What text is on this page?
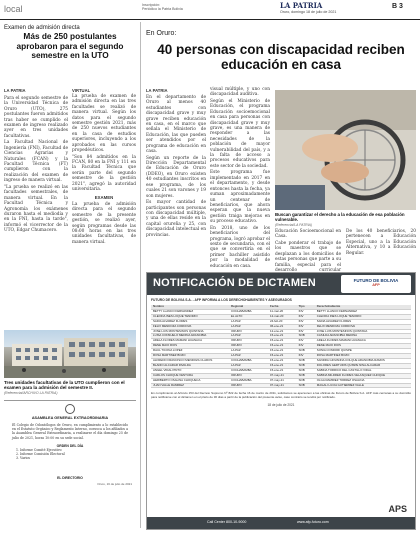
local	Inscripción:
Periódico la Patria Bolivia	LA PATRIA
Oruro, domingo 18 de julio de 2021
B 3
Examen de admisión directa
Más de 250 postulantes aprobaron para el segundo semestre en la UTO
LA PATRIA	VIRTUAL

Para el segundo semestre de la Universidad Técnica de Oruro (UTO), 275 postulantes fueron admitidos tras haber se cumplido el examen de ingreso realizado ayer en tres unidades facultativas.

La Facultad Nacional de Ingeniería (FNI), Facultad de Ciencias Agrarias y Naturales (FCAN) y la Facultad Técnica (FT) cumplieron con la realización del examen de ingreso de manera virtual.

"La prueba se realizó en las facultades semestrales, de manera virtual. En la Facultad Técnica y Agronomía los exámenes duraron hasta el mediodía y en la FNI, hasta la tarde", informó el vicerrector de la UTO, Edgar Chumacero.

La prueba de examen de admisión directa en las tres facultades se realizó de manera virtual. Según los datos para el segundo semestre gestión 2021, más de 250 nuevos estudiantes en la casa de estudios superiores, incluyendo a los aprobados en las cursos propedéuticos.

"Son 84 admitidos en la FCAN, 80 en la FNI y 111 en la Facultad Técnica que serán parte del segundo semestre de la gestión 2021", agregó la autoridad universitaria.

EXAMEN

La prueba de admisión directa para el segundo semestre de la presente gestión, se realizó ayer, según programas desde las 08:00 horas en las tres unidades facultativas, de manera virtual.

Tres unidades facultativas de la UTO cumplieron con el examen para la admisión del semestre II.
(Referencial/ARCHIVO LA PATRIA)
ASAMBLEA GENERAL EXTRAORDINARIA
El Colegio de Odontólogos de Oruro, en cumplimiento a lo establecido en el Estatuto Orgánico y Reglamento Interno, convoca a los afiliados a la Asamblea General Extraordinaria, a realizarse el día domingo 25 de julio de 2021, horas 10:00 en su sede social.
ORDEN DEL DÍA
1. Informe Comité Ejecutivo
2. Informe Comisión Electoral
3. Varios
EL DIRECTORIO
Oruro, 16 de julio de 2021
En Oruro:
40 personas con discapacidad reciben educación en casa
LA PATRIA

En el departamento de Oruro al menos 40 estudiantes con discapacidad grave y muy grave reciben educación en casa, en el marco que señala el Ministerio de Educación, las que pueden ser atendidos por el programa de educación en casa.

Según un reporte de la Dirección Departamental de Educación de Oruro (DDEO), en Oruro existen 40 estudiantes inscritos en ese programa, de los cuales 21 son varones y 19 son mujeres.

Es mayor cantidad de participantes son personas con discapacidad múltiple, y una de ellas reside en la capital orureña y 25, con discapacidad intelectual en provincias.

visual múltiple, y uno con discapacidad auditiva.

Según el Ministerio de Educación, el programa Educación socioemocional en casa para personas con discapacidad grave y muy grave, es una manera de responder a las necesidades de la población de mayor vulnerabilidad del país, y a la falta de acceso a procesos educativos para este sector de la sociedad.

Este programa fue implementado en 2017 en el departamento, y desde entonces hasta la fecha, ya suman aproximadamente un centenar de beneficiarios, que ahora esperan que la nueva gestión traiga mejoras en su proceso educativo.

En 2018, uno de los beneficiarios del programa, logró aprobar el sexto de secundaria, con el que se convertiría en el primer bachiller asistido por la modalidad de educación en casa.

Buscan garantizar el derecho a la educación de esa población vulnerable.
(Referencial/LA PATRIA)

Educación Socioemocional en Casa.

Cabe ponderar el trabajo de los maestros que se desplazan a los domicilios de estas personas que parte a su familia, especial para el desarrollo curricular

De los 40 beneficiarios, 20 pertenecen a Educación Especial, uno a la Educación Alternativa, y 10 a Educación Regular.

NOTIFICACIÓN DE DICTAMEN	FUTURO DE BOLIVIA
AFP
FUTURO DE BOLIVIA S.A. - AFP INFORMA A LOS DERECHOHABIENTES Y ASEGURADOS
Nombre	Regional	Fecha	Tipo	Derechohabiente
BETTY LLANCO FERNANDEZ	COCHABAMBA	11-mar-20	INV	BETTY LLANCO FERNANDEZ
CLEOFIA INES LOQUE TENORIO	EL ALTO	12-mar-20	INV	CLEOFIA INES LOQUE TENORIO
SADIA ALVAREZ FLORES	LA PAZ	24-feb-20	INV	SADIA ALVAREZ FLORES
FELIX MENDOZA CORDOVA	LA PAZ	06-ene-21	INV	FELIX MENDOZA CORDOVA
JOSE LUIS MONTESINOS QUINTANA	ORURO	12-ene-21	INV	JOSE LUIS MONTESINOS QUINTANA
LUISA CONSUELO MEDINA ARANCIBIA	LA PAZ	15-ene-21	SOB	CASILDA ARANCIBIA MEDINA
ADELA FLORES MAMANI HUANACA	ORURO	15-ene-21	INV	ADELA FLORES MAMANI HUANACA
RENE MAIO RIOS	ORURO	15-ene-21	INV	RENE MAIO RIOS
RAUL TICONA LOPEZ	LA PAZ	15-ene-21	SOB	SONIA CONDORI QUISPE
ROSA MARTINEZ BOZO	LA PAZ	15-ene-21	INV	ROSA MARTINEZ BOZO
ALFREDO FRANCISCO MENDOZA CLAROS	COCHABAMBA	15-ene-21	SOB	SANDRA GIOVANNA COLQUE ARANCIBIA RAMOS
BLADIO ALCARAR RIVALDA	LA PAZ	15-ene-21	SOB	DOLORES GERTUDIS QUISPE NINA ALCARAR
ANGEL VIDAL PINTO	COCHABAMBA	15-ene-21	SOB	SABINA TORRICO DEL CASTILLO VIDAL
CARLOS CHOQUE VENTURA	ORURO	07-may-21	SOB	SABINA MILDRED FLORES VELASQUEZ CHOQUE
HERIBERTO OSALINA CHOQUECA	COCHABAMBA	07-may-21	SOB	OLGA RAMIREZ TORREZ OSALINA
JUAN VALLE RAMIREZ	ORURO	07-may-21	SOB	MAGALI LUCIA GUTIERREZ VALLE
En cumplimiento al Artículo 153 del Decreto Supremo Nº 822 de fecha 16 de marzo de 2011, solicitamos se apersonen a las oficinas de Futuro de Bolivia S.A. AFP más cercanas a su domicilio para notificarse con el dictamen en el plazo de 30 días a partir de la publicación del presente aviso, caso contrario se tendrá por notificado.
18 de julio de 2021
Call Center 800-10-9000	www.afp-futuro.com
APS
